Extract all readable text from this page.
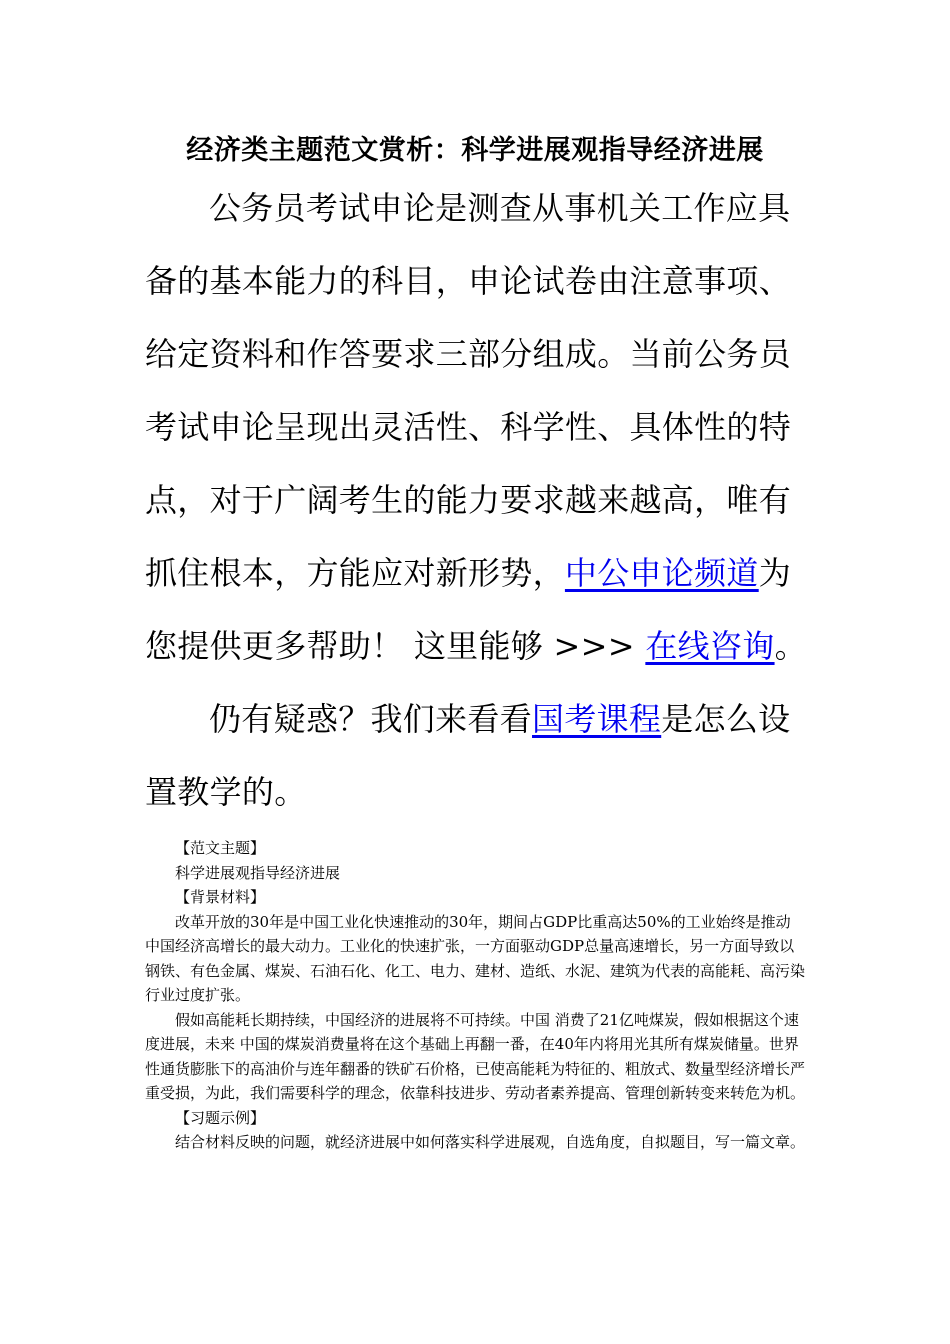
经济类主题范文赏析：科学进展观指导经济进展

公务员考试申论是测查从事机关工作应具备的基本能力的科目，申论试卷由注意事项、给定资料和作答要求三部分组成。当前公务员考试申论呈现出灵活性、科学性、具体性的特点，对于广阔考生的能力要求越来越高，唯有抓住根本，方能应对新形势，中公申论频道为您提供更多帮助！ 这里能够 >>> 在线咨询。

仍有疑惑？我们来看看国考课程是怎么设置教学的。

【范文主题】

科学进展观指导经济进展

【背景材料】

改革开放的30年是中国工业化快速推动的30年，期间占GDP比重高达50%的工业始终是推动中国经济高增长的最大动力。工业化的快速扩张，一方面驱动GDP总量高速增长，另一方面导致以钢铁、有色金属、煤炭、石油石化、化工、电力、建材、造纸、水泥、建筑为代表的高能耗、高污染行业过度扩张。

假如高能耗长期持续，中国经济的进展将不可持续。中国 消费了21亿吨煤炭，假如根据这个速度进展，未来 中国的煤炭消费量将在这个基础上再翻一番，在40年内将用光其所有煤炭储量。世界性通货膨胀下的高油价与连年翻番的铁矿石价格，已使高能耗为特征的、粗放式、数量型经济增长严重受损，为此，我们需要科学的理念，依靠科技进步、劳动者素养提高、管理创新转变来转危为机。

【习题示例】

结合材料反映的问题，就经济进展中如何落实科学进展观，自选角度，自拟题目，写一篇文章。
